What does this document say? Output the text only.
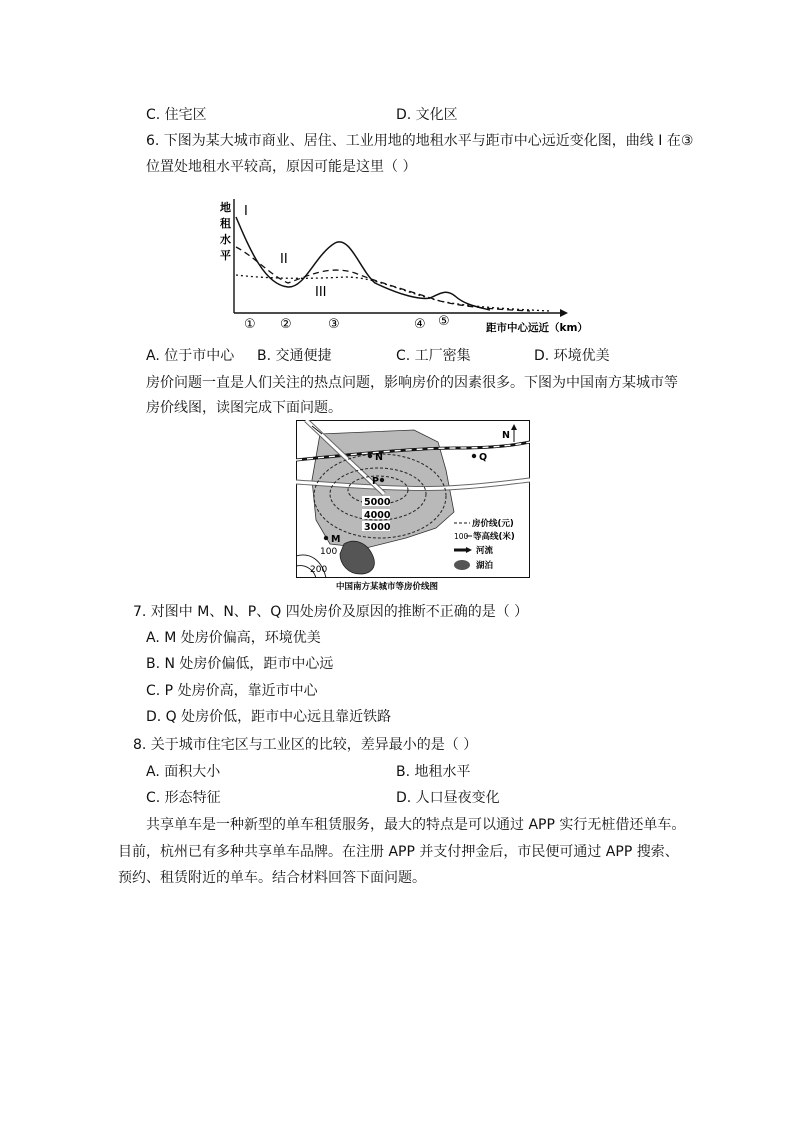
C. 住宅区	D. 文化区
6. 下图为某大城市商业、居住、工业用地的地租水平与距市中心远近变化图，曲线 I 在③
位置处地租水平较高，原因可能是这里（ ）
地
租
水
平
I
II
III
① ②	③	④ ⑤	距市中心远近（km）
A. 位于市中心 B. 交通便捷	C. 工厂密集	D. 环境优美
房价问题一直是人们关注的热点问题，影响房价的因素很多。下图为中国南方某城市等
房价线图，读图完成下面问题。
5000
4000
3000
N
P
Q
M
100
200
N
房价线(元)
100 等高线(米)
河流
湖泊
中国南方某城市等房价线图
7. 对图中 M、N、P、Q 四处房价及原因的推断不正确的是（ ）
A. M 处房价偏高，环境优美
B. N 处房价偏低，距市中心远
C. P 处房价高，靠近市中心
D. Q 处房价低，距市中心远且靠近铁路
8. 关于城市住宅区与工业区的比较，差异最小的是（ ）
A. 面积大小	B. 地租水平
C. 形态特征	D. 人口昼夜变化
共享单车是一种新型的单车租赁服务，最大的特点是可以通过 APP 实行无桩借还单车。
目前，杭州已有多种共享单车品牌。在注册 APP 并支付押金后，市民便可通过 APP 搜索、
预约、租赁附近的单车。结合材料回答下面问题。
